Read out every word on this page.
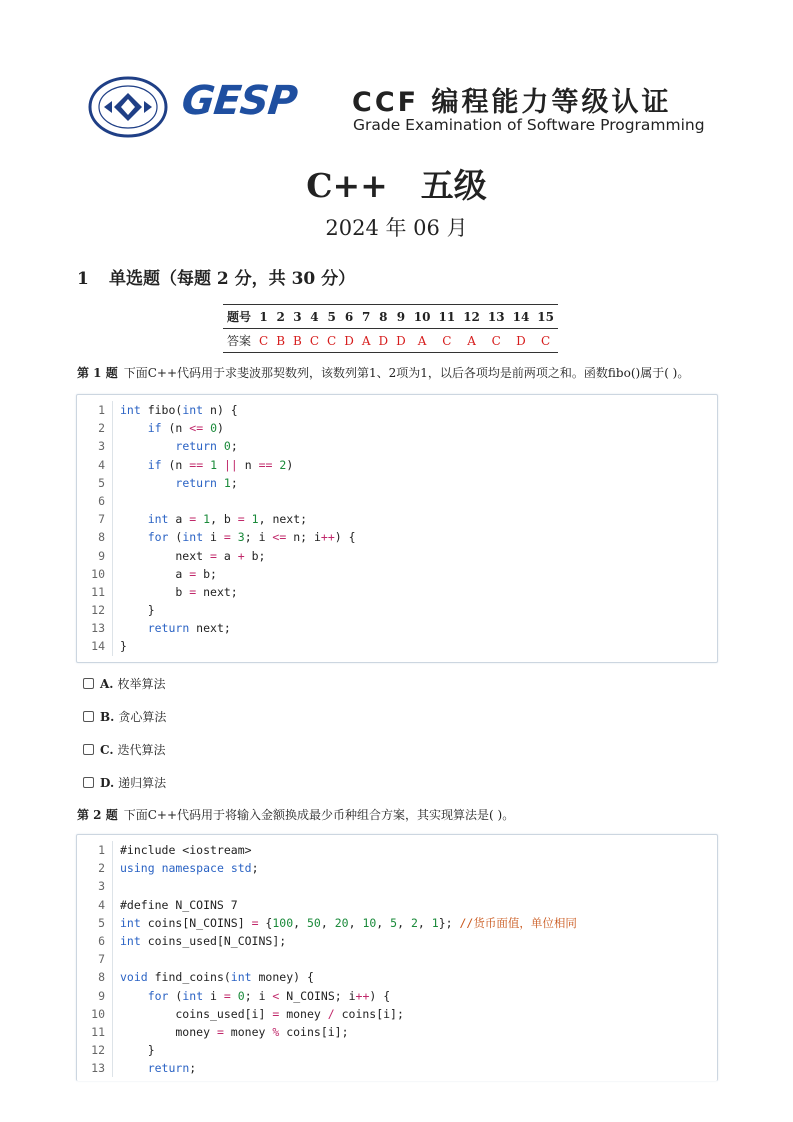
GESP CCF 编程能力等级认证
Grade Examination of Software Programming
C++　五级
2024 年 06 月
1 单选题（每题 2 分，共 30 分）
题号	1	2	3	4	5	6	7	8	9	10	11	12	13	14	15
答案	C	B	B	C	C	D	A	D	D	A	C	A	C	D	C
第 1 题 下面C++代码用于求斐波那契数列，该数列第1、2项为1，以后各项均是前两项之和。函数fibo()属于( )。
1	int fibo(int n) {
2	if (n <= 0)
3	return 0;
4	if (n == 1 || n == 2)
5	return 1;
6
7	int a = 1, b = 1, next;
8	for (int i = 3; i <= n; i++) {
9	next = a + b;
10	a = b;
11	b = next;
12	}
13	return next;
14	}
A. 枚举算法
B. 贪心算法
C. 迭代算法
D. 递归算法
第 2 题 下面C++代码用于将输入金额换成最少币种组合方案，其实现算法是( )。
1	#include <iostream>
2	using namespace std;
3
4	#define N_COINS 7
5	int coins[N_COINS] = {100, 50, 20, 10, 5, 2, 1}; //货币面值，单位相同
6	int coins_used[N_COINS];
7
8	void find_coins(int money) {
9	for (int i = 0; i < N_COINS; i++) {
10	coins_used[i] = money / coins[i];
11	money = money % coins[i];
12	}
13	return;
